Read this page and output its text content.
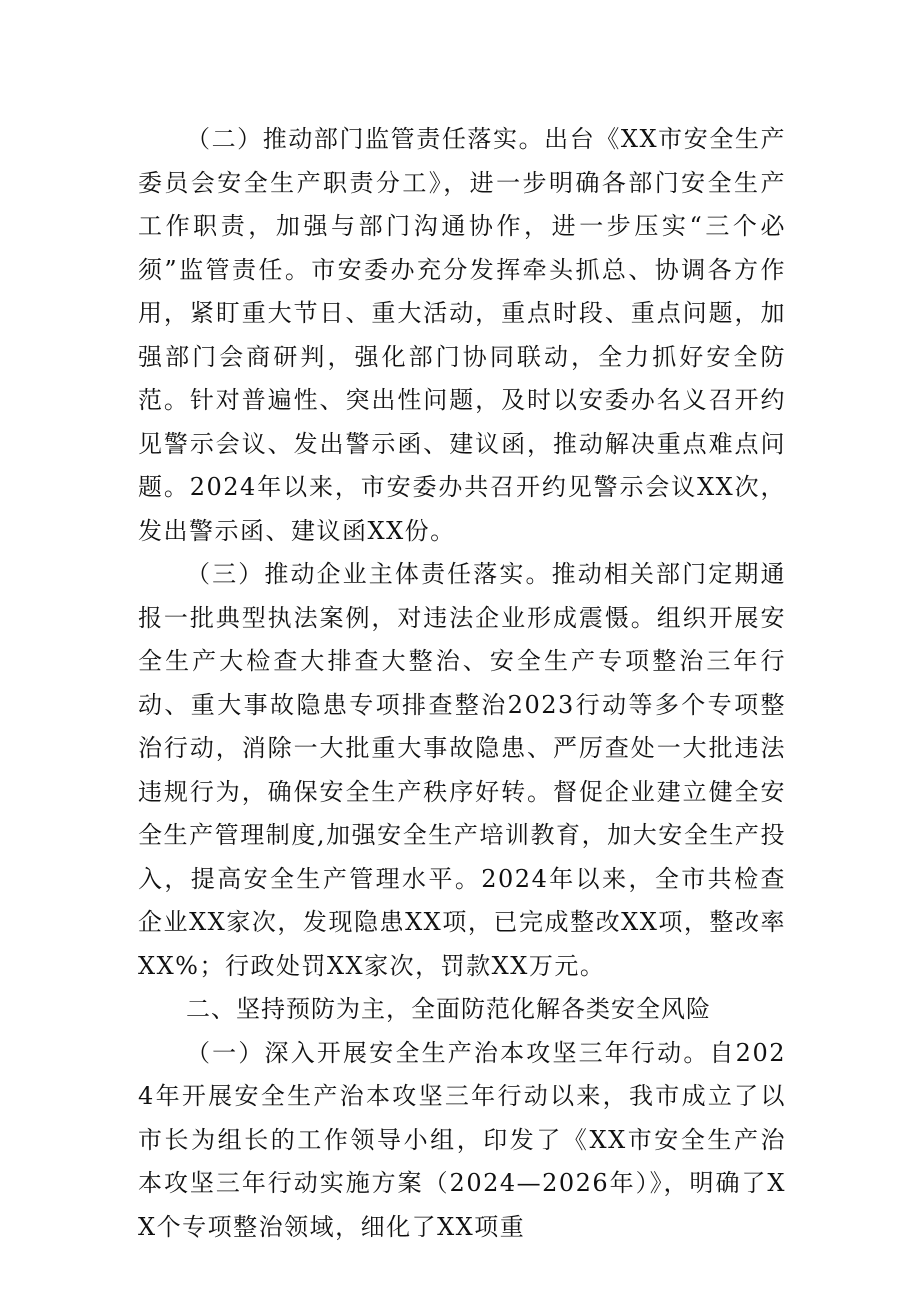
（二）推动部门监管责任落实。出台《XX市安全生产委员会安全生产职责分工》，进一步明确各部门安全生产工作职责，加强与部门沟通协作，进一步压实“三个必须”监管责任。市安委办充分发挥牵头抓总、协调各方作用，紧盯重大节日、重大活动，重点时段、重点问题，加强部门会商研判，强化部门协同联动，全力抓好安全防范。针对普遍性、突出性问题，及时以安委办名义召开约见警示会议、发出警示函、建议函，推动解决重点难点问题。2024年以来，市安委办共召开约见警示会议XX次，发出警示函、建议函XX份。

（三）推动企业主体责任落实。推动相关部门定期通报一批典型执法案例，对违法企业形成震慑。组织开展安全生产大检查大排查大整治、安全生产专项整治三年行动、重大事故隐患专项排查整治2023行动等多个专项整治行动，消除一大批重大事故隐患、严厉查处一大批违法违规行为，确保安全生产秩序好转。督促企业建立健全安全生产管理制度,加强安全生产培训教育，加大安全生产投入，提高安全生产管理水平。2024年以来，全市共检查企业XX家次，发现隐患XX项，已完成整改XX项，整改率XX%；行政处罚XX家次，罚款XX万元。

二、坚持预防为主，全面防范化解各类安全风险

（一）深入开展安全生产治本攻坚三年行动。自2024年开展安全生产治本攻坚三年行动以来，我市成立了以市长为组长的工作领导小组，印发了《XX市安全生产治本攻坚三年行动实施方案（2024—2026年）》，明确了XX个专项整治领域，细化了XX项重
